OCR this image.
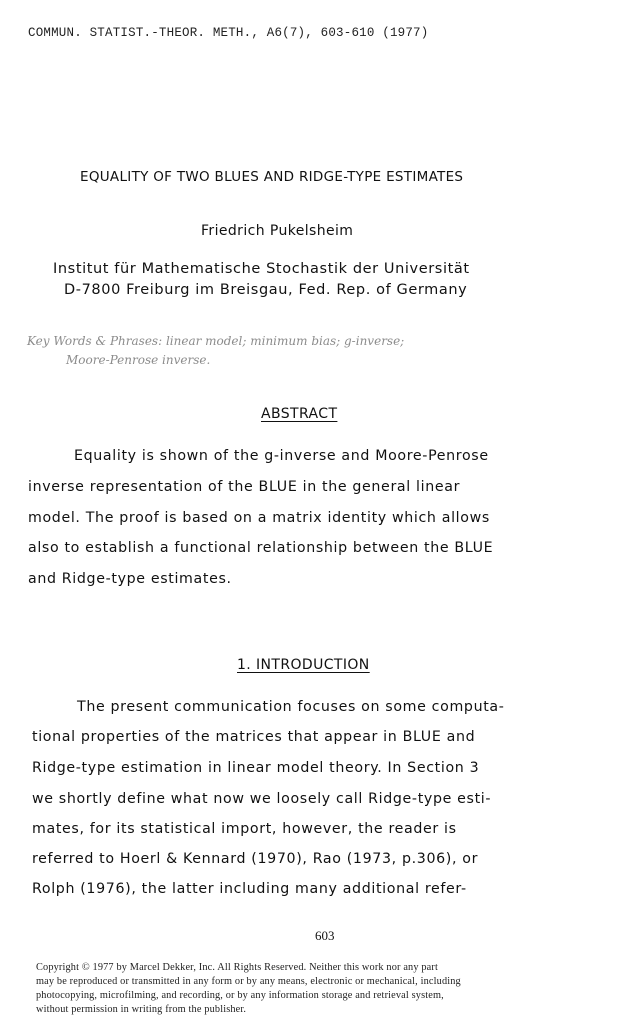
COMMUN. STATIST.-THEOR. METH., A6(7), 603-610 (1977)
EQUALITY OF TWO BLUES AND RIDGE-TYPE ESTIMATES
Friedrich Pukelsheim
Institut für Mathematische Stochastik der Universität
D-7800 Freiburg im Breisgau, Fed. Rep. of Germany
Key Words & Phrases: linear model; minimum bias; g-inverse;
Moore-Penrose inverse.
ABSTRACT
Equality is shown of the g-inverse and Moore-Penrose
inverse representation of the BLUE in the general linear
model. The proof is based on a matrix identity which allows
also to establish a functional relationship between the BLUE
and Ridge-type estimates.
1. INTRODUCTION
The present communication focuses on some computa-
tional properties of the matrices that appear in BLUE and
Ridge-type estimation in linear model theory. In Section 3
we shortly define what now we loosely call Ridge-type esti-
mates, for its statistical import, however, the reader is
referred to Hoerl & Kennard (1970), Rao (1973, p.306), or
Rolph (1976), the latter including many additional refer-
603
Copyright © 1977 by Marcel Dekker, Inc. All Rights Reserved. Neither this work nor any part
may be reproduced or transmitted in any form or by any means, electronic or mechanical, including
photocopying, microfilming, and recording, or by any information storage and retrieval system,
without permission in writing from the publisher.
